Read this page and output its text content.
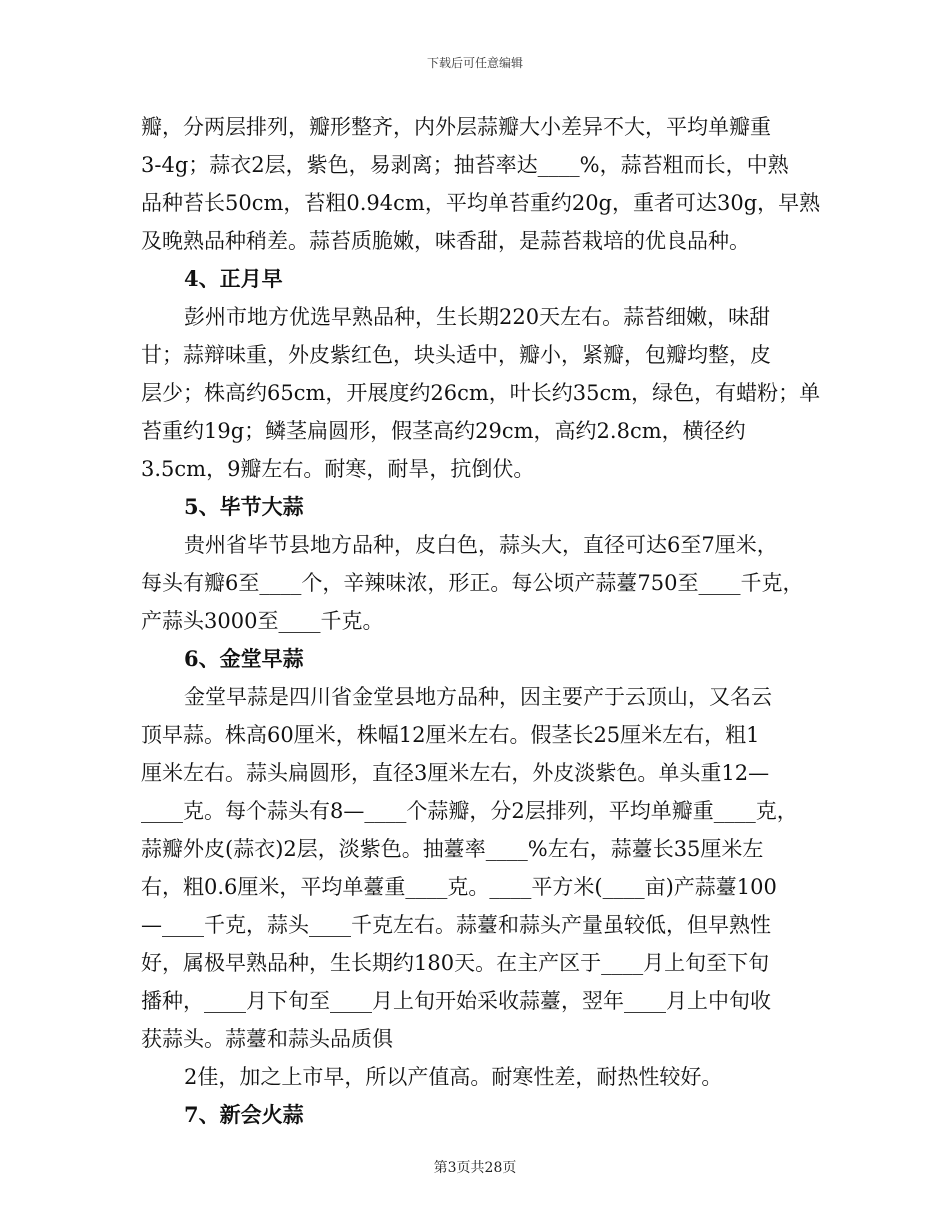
下载后可任意编辑
瓣，分两层排列，瓣形整齐，内外层蒜瓣大小差异不大，平均单瓣重
3-4g；蒜衣2层，紫色，易剥离；抽苔率达____%，蒜苔粗而长，中熟
品种苔长50cm，苔粗0.94cm，平均单苔重约20g，重者可达30g，早熟
及晚熟品种稍差。蒜苔质脆嫩，味香甜，是蒜苔栽培的优良品种。
4、正月早
彭州市地方优选早熟品种，生长期220天左右。蒜苔细嫩，味甜
甘；蒜辩味重，外皮紫红色，块头适中，瓣小，紧瓣，包瓣均整，皮
层少；株高约65cm，开展度约26cm，叶长约35cm，绿色，有蜡粉；单
苔重约19g；鳞茎扁圆形，假茎高约29cm，高约2.8cm，横径约
3.5cm，9瓣左右。耐寒，耐旱，抗倒伏。
5、毕节大蒜
贵州省毕节县地方品种，皮白色，蒜头大，直径可达6至7厘米，
每头有瓣6至____个，辛辣味浓，形正。每公顷产蒜薹750至____千克，
产蒜头3000至____千克。
6、金堂早蒜
金堂早蒜是四川省金堂县地方品种，因主要产于云顶山，又名云
顶早蒜。株高60厘米，株幅12厘米左右。假茎长25厘米左右，粗1
厘米左右。蒜头扁圆形，直径3厘米左右，外皮淡紫色。单头重12—
____克。每个蒜头有8—____个蒜瓣，分2层排列，平均单瓣重____克，
蒜瓣外皮(蒜衣)2层，淡紫色。抽薹率____%左右，蒜薹长35厘米左
右，粗0.6厘米，平均单薹重____克。____平方米(____亩)产蒜薹100
—____千克，蒜头____千克左右。蒜薹和蒜头产量虽较低，但早熟性
好，属极早熟品种，生长期约180天。在主产区于____月上旬至下旬
播种，____月下旬至____月上旬开始采收蒜薹，翌年____月上中旬收
获蒜头。蒜薹和蒜头品质俱
2佳，加之上市早，所以产值高。耐寒性差，耐热性较好。
7、新会火蒜
第3页共28页
